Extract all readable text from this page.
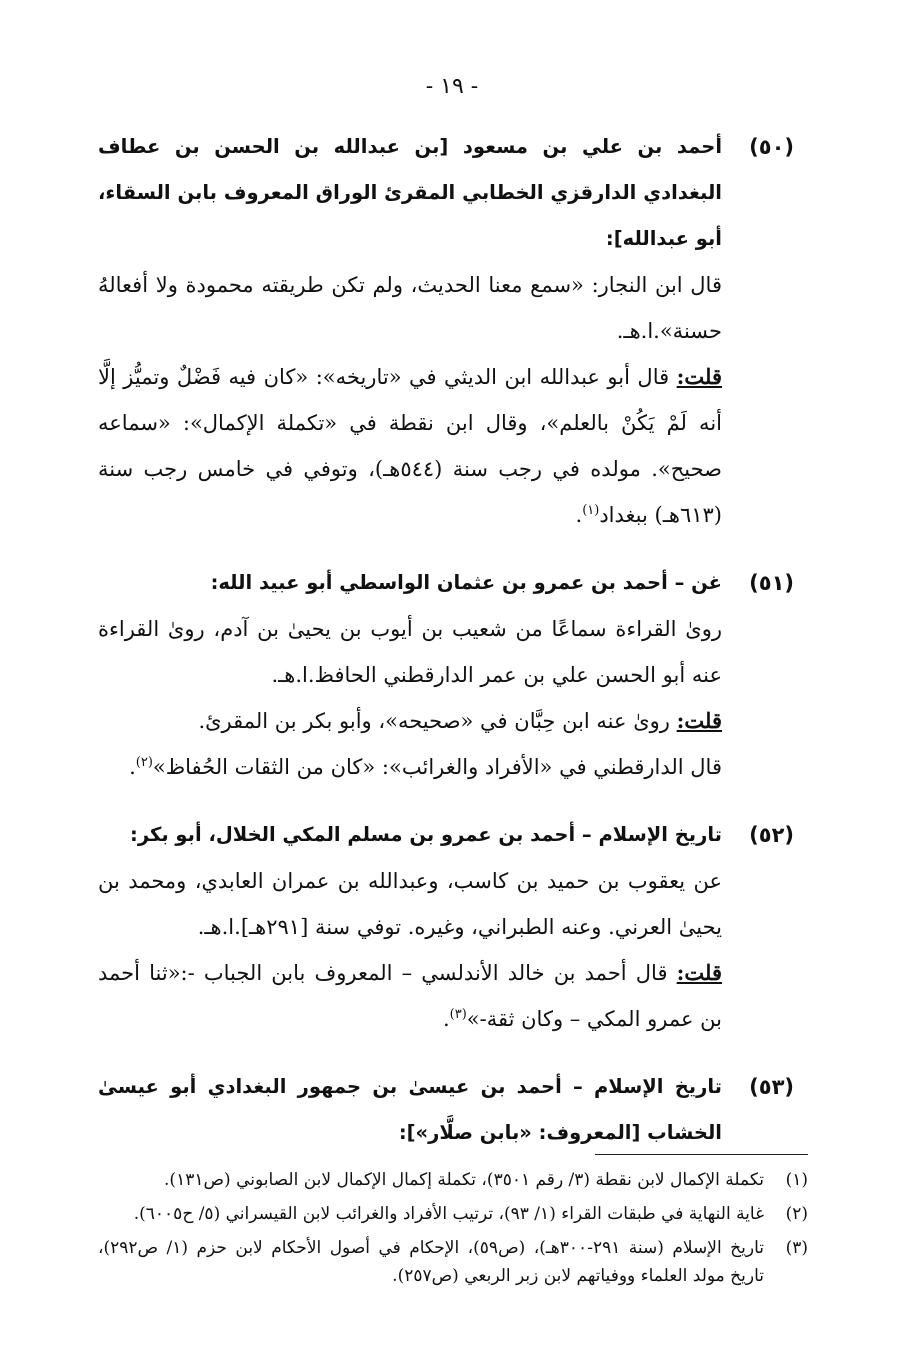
- ١٩ -
(٥٠)
أحمد بن علي بن مسعود [بن عبدالله بن الحسن بن عطاف البغدادي الدارقزي الخطابي المقرئ الوراق المعروف بابن السقاء، أبو عبدالله]:

قال ابن النجار: «سمع معنا الحديث، ولم تكن طريقته محمودة ولا أفعالهُ حسنة».ا.هـ.

قلت: قال أبو عبدالله ابن الديثي في «تاريخه»: «كان فيه فَضْلٌ وتميُّز إلَّا أنه لَمْ يَكُنْ بالعلم»، وقال ابن نقطة في «تكملة الإكمال»: «سماعه صحيح». مولده في رجب سنة (٥٤٤هـ)، وتوفي في خامس رجب سنة (٦١٣هـ) ببغداد$^{(١)}$.

(٥١)
غن – أحمد بن عمرو بن عثمان الواسطي أبو عبيد الله:

روىٰ القراءة سماعًا من شعيب بن أيوب بن يحيىٰ بن آدم، روىٰ القراءة عنه أبو الحسن علي بن عمر الدارقطني الحافظ.ا.هـ.

قلت: روىٰ عنه ابن حِبَّان في «صحيحه»، وأبو بكر بن المقرئ.

قال الدارقطني في «الأفراد والغرائب»: «كان من الثقات الحُفاظ»$^{(٢)}$.

(٥٢)
تاريخ الإسلام – أحمد بن عمرو بن مسلم المكي الخلال، أبو بكر:

عن يعقوب بن حميد بن كاسب، وعبدالله بن عمران العابدي، ومحمد بن يحيىٰ العرني. وعنه الطبراني، وغيره. توفي سنة [٢٩١هـ].ا.هـ.

قلت: قال أحمد بن خالد الأندلسي – المعروف بابن الجباب -:«ثنا أحمد بن عمرو المكي – وكان ثقة-»$^{(٣)}$.

(٥٣)
تاريخ الإسلام – أحمد بن عيسىٰ بن جمهور البغدادي أبو عيسىٰ الخشاب [المعروف: «بابن صلَّار»]:
(١)
تكملة الإكمال لابن نقطة (٣/ رقم ٣٥٠١)، تكملة إكمال الإكمال لابن الصابوني (ص١٣١).
(٢)
غاية النهاية في طبقات القراء (١/ ٩٣)، ترتيب الأفراد والغرائب لابن القيسراني (٥/ ح٦٠٠٥).
(٣)
تاريخ الإسلام (سنة ٢٩١-٣٠٠هـ)، (ص٥٩)، الإحكام في أصول الأحكام لابن حزم (١/ ص٢٩٢)، تاريخ مولد العلماء ووفياتهم لابن زبر الربعي (ص٢٥٧).
